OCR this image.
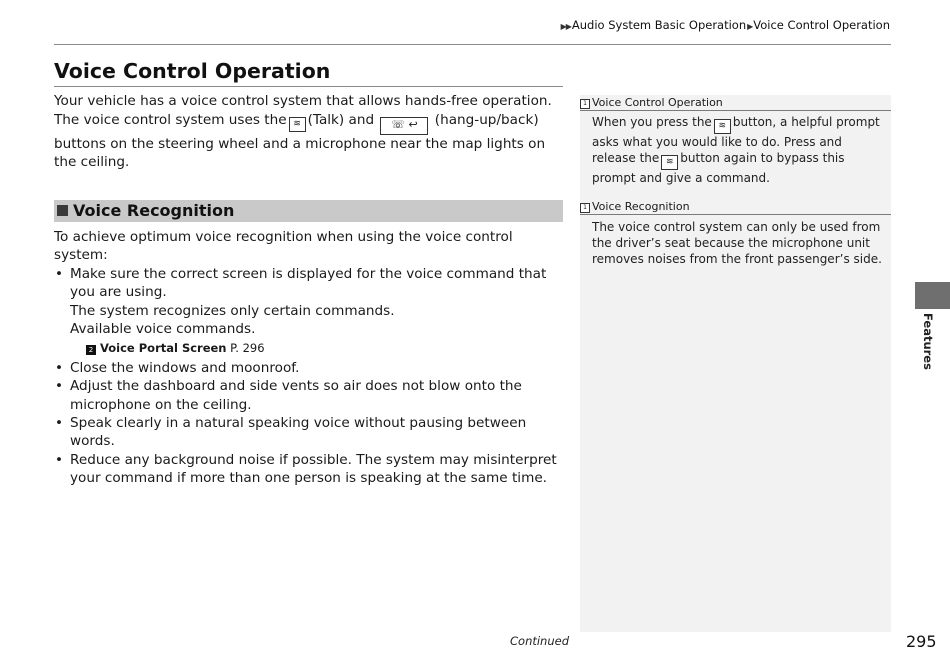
▶▶Audio System Basic Operation▶Voice Control Operation
Voice Control Operation
Your vehicle has a voice control system that allows hands-free operation.
The voice control system uses the ≋ (Talk) and ☏ ↩ (hang-up/back) buttons on the steering wheel and a microphone near the map lights on the ceiling.
Voice Recognition
To achieve optimum voice recognition when using the voice control system:
• Make sure the correct screen is displayed for the voice command that you are using.
The system recognizes only certain commands.
Available voice commands.
2 Voice Portal Screen P. 296
• Close the windows and moonroof.
• Adjust the dashboard and side vents so air does not blow onto the microphone on the ceiling.
• Speak clearly in a natural speaking voice without pausing between words.
• Reduce any background noise if possible. The system may misinterpret your command if more than one person is speaking at the same time.
1 Voice Control Operation
When you press the ≋ button, a helpful prompt asks what you would like to do. Press and release the ≋ button again to bypass this prompt and give a command.
1 Voice Recognition
The voice control system can only be used from the driver’s seat because the microphone unit removes noises from the front passenger’s side.
Features
Continued	295
